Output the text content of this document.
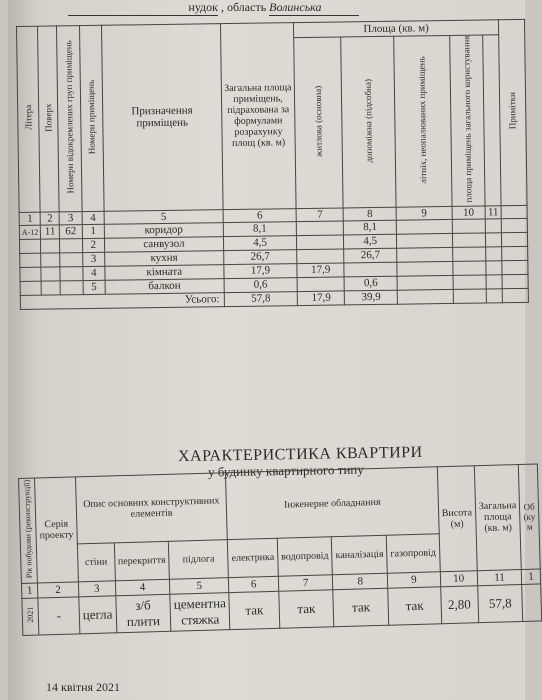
нудок , область Волинська
Літера	Поверх	Номери відокремлених груп приміщень	Номери приміщень	Призначення приміщень	Загальна площа приміщень, підрахована за формулами розрахунку площ (кв. м)	Площа (кв. м)					Примітки
						житлова (основна)	допоміжна (підсобна)	літніх, неопалюваних приміщень	площа приміщень загального користування		
1	2	3	4	5	6	7	8	9	10	11	
А-12	11	62	1	коридор	8,1		8,1				
			2	санвузол	4,5		4,5				
			3	кухня	26,7		26,7				
			4	кімната	17,9	17,9					
			5	балкон	0,6		0,6				
Усього:					57,8	17,9	39,9				
ХАРАКТЕРИСТИКА КВАРТИРИ
у будинку квартирного типу
Рік побудови (реконструкції)	Серія проекту	Опис основних конструктивних елементів			Інженерне обладнання				Висота (м)	Загальна площа (кв. м)	Об (ку м
		стіни	перекриття	підлога	електрика	водопровід	каналізація	газопровід			
1	2	3	4	5	6	7	8	9	10	11	1
2021	-	цегла	з/б плити	цементна стяжка	так	так	так	так	2,80	57,8	
14 квітня 2021
